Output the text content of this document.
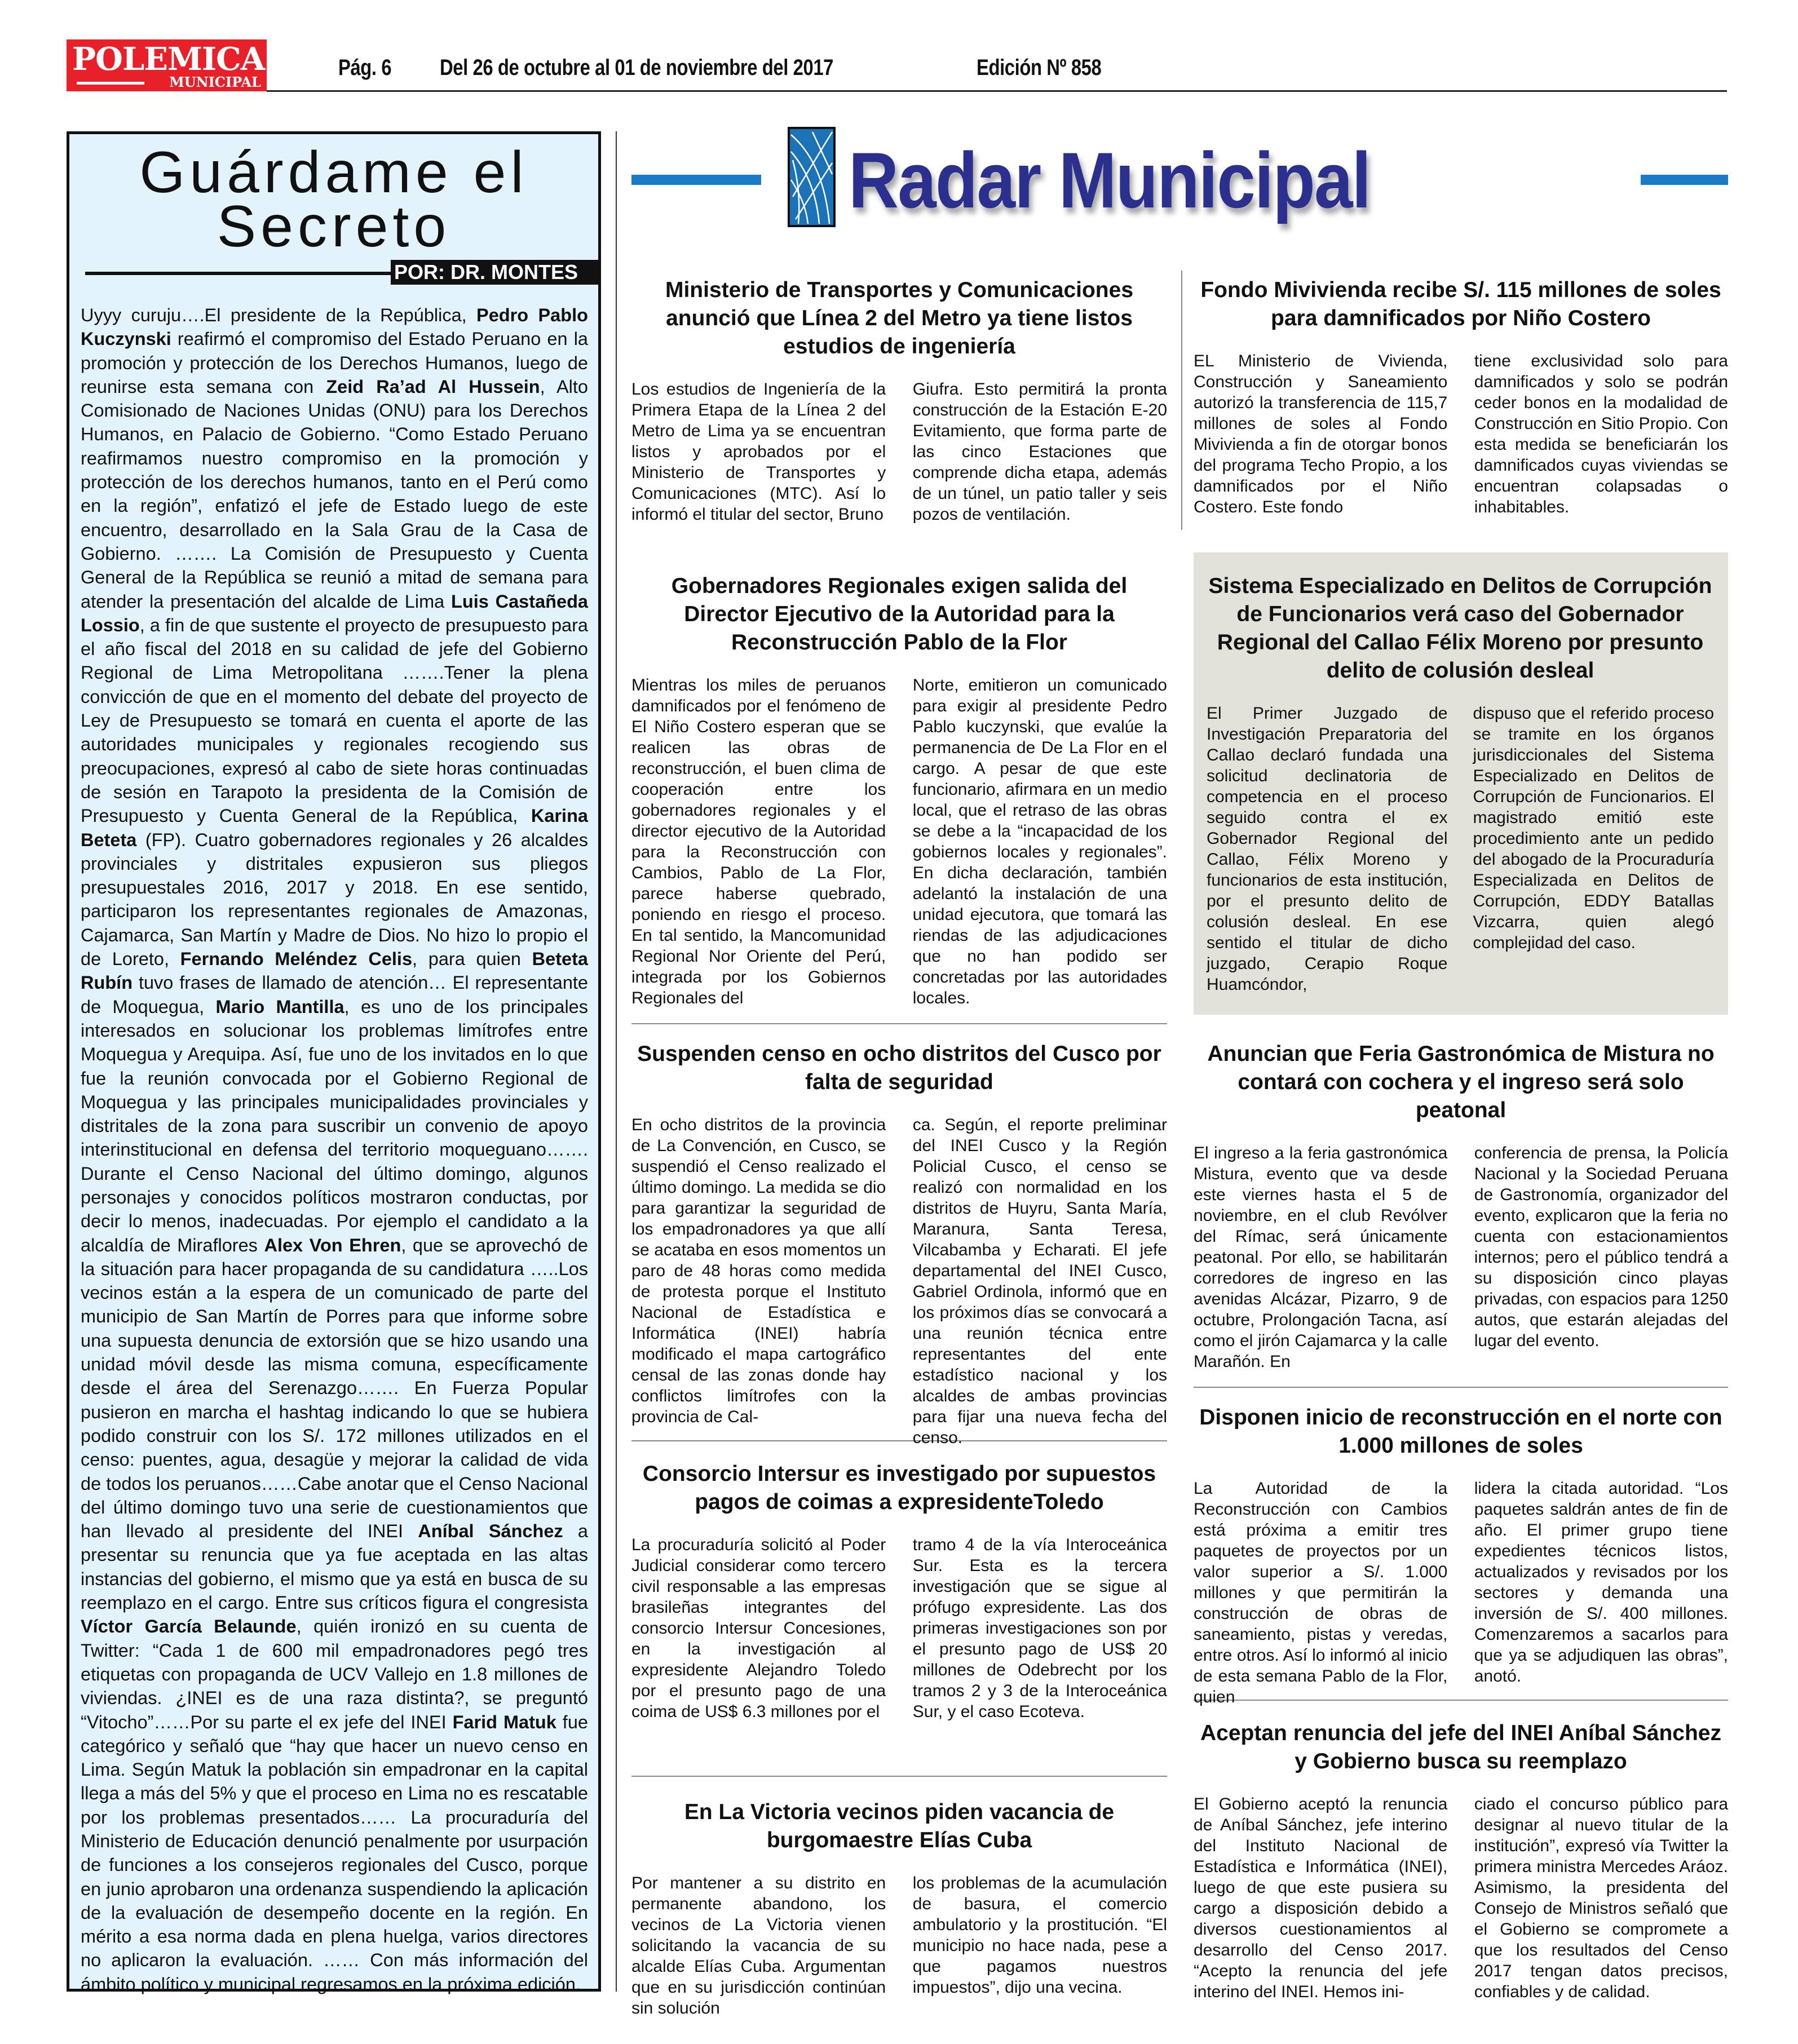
POLEMICA
MUNICIPAL
Pág. 6 Del 26 de octubre al 01 de noviembre del 2017	Edición Nº 858
Guárdame el Secreto
POR: DR. MONTES
Uyyy curuju….El presidente de la República, Pedro Pablo Kuczynski reafirmó el compromiso del Estado Peruano en la promoción y protección de los Derechos Humanos, luego de reunirse esta semana con Zeid Ra’ad Al Hussein, Alto Comisionado de Naciones Unidas (ONU) para los Derechos Humanos, en Palacio de Gobierno. “Como Estado Peruano reafirmamos nuestro compromiso en la promoción y protección de los derechos humanos, tanto en el Perú como en la región”, enfatizó el jefe de Estado luego de este encuentro, desarrollado en la Sala Grau de la Casa de Gobierno. ……. La Comisión de Presupuesto y Cuenta General de la República se reunió a mitad de semana para atender la presentación del alcalde de Lima Luis Castañeda Lossio, a fin de que sustente el proyecto de presupuesto para el año fiscal del 2018 en su calidad de jefe del Gobierno Regional de Lima Metropolitana …….Tener la plena convicción de que en el momento del debate del proyecto de Ley de Presupuesto se tomará en cuenta el aporte de las autoridades municipales y regionales recogiendo sus preocupaciones, expresó al cabo de siete horas continuadas de sesión en Tarapoto la presidenta de la Comisión de Presupuesto y Cuenta General de la República, Karina Beteta (FP). Cuatro gobernadores regionales y 26 alcaldes provinciales y distritales expusieron sus pliegos presupuestales 2016, 2017 y 2018. En ese sentido, participaron los representantes regionales de Amazonas, Cajamarca, San Martín y Madre de Dios. No hizo lo propio el de Loreto, Fernando Meléndez Celis, para quien Beteta Rubín tuvo frases de llamado de atención… El representante de Moquegua, Mario Mantilla, es uno de los principales interesados en solucionar los problemas limítrofes entre Moquegua y Arequipa. Así, fue uno de los invitados en lo que fue la reunión convocada por el Gobierno Regional de Moquegua y las principales municipalidades provinciales y distritales de la zona para suscribir un convenio de apoyo interinstitucional en defensa del territorio moqueguano……. Durante el Censo Nacional del último domingo, algunos personajes y conocidos políticos mostraron conductas, por decir lo menos, inadecuadas. Por ejemplo el candidato a la alcaldía de Miraflores Alex Von Ehren, que se aprovechó de la situación para hacer propaganda de su candidatura …..Los vecinos están a la espera de un comunicado de parte del municipio de San Martín de Porres para que informe sobre una supuesta denuncia de extorsión que se hizo usando una unidad móvil desde las misma comuna, específicamente desde el área del Serenazgo……. En Fuerza Popular pusieron en marcha el hashtag indicando lo que se hubiera podido construir con los S/. 172 millones utilizados en el censo: puentes, agua, desagüe y mejorar la calidad de vida de todos los peruanos……Cabe anotar que el Censo Nacional del último domingo tuvo una serie de cuestionamientos que han llevado al presidente del INEI Aníbal Sánchez a presentar su renuncia que ya fue aceptada en las altas instancias del gobierno, el mismo que ya está en busca de su reemplazo en el cargo. Entre sus críticos figura el congresista Víctor García Belaunde, quién ironizó en su cuenta de Twitter: “Cada 1 de 600 mil empadronadores pegó tres etiquetas con propaganda de UCV Vallejo en 1.8 millones de viviendas. ¿INEI es de una raza distinta?, se preguntó “Vitocho”……Por su parte el ex jefe del INEI Farid Matuk fue categórico y señaló que “hay que hacer un nuevo censo en Lima. Según Matuk la población sin empadronar en la capital llega a más del 5% y que el proceso en Lima no es rescatable por los problemas presentados…… La procuraduría del Ministerio de Educación denunció penalmente por usurpación de funciones a los consejeros regionales del Cusco, porque en junio aprobaron una ordenanza suspendiendo la aplicación de la evaluación de desempeño docente en la región. En mérito a esa norma dada en plena huelga, varios directores no aplicaron la evaluación. …… Con más información del ámbito político y municipal regresamos en la próxima edición.
Radar Municipal
Ministerio de Transportes y Comunicaciones anunció que Línea 2 del Metro ya tiene listos estudios de ingeniería

Los estudios de Ingeniería de la Primera Etapa de la Línea 2 del Metro de Lima ya se encuentran listos y aprobados por el Ministerio de Transportes y Comunicaciones (MTC). Así lo informó el titular del sector, Bruno

Giufra. Esto permitirá la pronta construcción de la Estación E-20 Evitamiento, que forma parte de las cinco Estaciones que comprende dicha etapa, además de un túnel, un patio taller y seis pozos de ventilación.

Fondo Mivivienda recibe S/. 115 millones de soles para damnificados por Niño Costero

EL Ministerio de Vivienda, Construcción y Saneamiento autorizó la transferencia de 115,7 millones de soles al Fondo Mivivienda a fin de otorgar bonos del programa Techo Propio, a los damnificados por el Niño Costero. Este fondo

tiene exclusividad solo para damnificados y solo se podrán ceder bonos en la modalidad de Construcción en Sitio Propio. Con esta medida se beneficiarán los damnificados cuyas viviendas se encuentran colapsadas o inhabitables.

Gobernadores Regionales exigen salida del Director Ejecutivo de la Autoridad para la Reconstrucción Pablo de la Flor

Mientras los miles de peruanos damnificados por el fenómeno de El Niño Costero esperan que se realicen las obras de reconstrucción, el buen clima de cooperación entre los gobernadores regionales y el director ejecutivo de la Autoridad para la Reconstrucción con Cambios, Pablo de La Flor, parece haberse quebrado, poniendo en riesgo el proceso. En tal sentido, la Mancomunidad Regional Nor Oriente del Perú, integrada por los Gobiernos Regionales del

Norte, emitieron un comunicado para exigir al presidente Pedro Pablo kuczynski, que evalúe la permanencia de De La Flor en el cargo. A pesar de que este funcionario, afirmara en un medio local, que el retraso de las obras se debe a la “incapacidad de los gobiernos locales y regionales”. En dicha declaración, también adelantó la instalación de una unidad ejecutora, que tomará las riendas de las adjudicaciones que no han podido ser concretadas por las autoridades locales.

Sistema Especializado en Delitos de Corrupción de Funcionarios verá caso del Gobernador Regional del Callao Félix Moreno por presunto delito de colusión desleal

El Primer Juzgado de Investigación Preparatoria del Callao declaró fundada una solicitud declinatoria de competencia en el proceso seguido contra el ex Gobernador Regional del Callao, Félix Moreno y funcionarios de esta institución, por el presunto delito de colusión desleal. En ese sentido el titular de dicho juzgado, Cerapio Roque Huamcóndor,

dispuso que el referido proceso se tramite en los órganos jurisdiccionales del Sistema Especializado en Delitos de Corrupción de Funcionarios. El magistrado emitió este procedimiento ante un pedido del abogado de la Procuraduría Especializada en Delitos de Corrupción, EDDY Batallas Vizcarra, quien alegó complejidad del caso.

Suspenden censo en ocho distritos del Cusco por falta de seguridad

En ocho distritos de la provincia de La Convención, en Cusco, se suspendió el Censo realizado el último domingo. La medida se dio para garantizar la seguridad de los empadronadores ya que allí se acataba en esos momentos un paro de 48 horas como medida de protesta porque el Instituto Nacional de Estadística e Informática (INEI) habría modificado el mapa cartográfico censal de las zonas donde hay conflictos limítrofes con la provincia de Cal-

ca. Según, el reporte preliminar del INEI Cusco y la Región Policial Cusco, el censo se realizó con normalidad en los distritos de Huyru, Santa María, Maranura, Santa Teresa, Vilcabamba y Echarati. El jefe departamental del INEI Cusco, Gabriel Ordinola, informó que en los próximos días se convocará a una reunión técnica entre representantes del ente estadístico nacional y los alcaldes de ambas provincias para fijar una nueva fecha del censo.

Anuncian que Feria Gastronómica de Mistura no contará con cochera y el ingreso será solo peatonal

El ingreso a la feria gastronómica Mistura, evento que va desde este viernes hasta el 5 de noviembre, en el club Revólver del Rímac, será únicamente peatonal. Por ello, se habilitarán corredores de ingreso en las avenidas Alcázar, Pizarro, 9 de octubre, Prolongación Tacna, así como el jirón Cajamarca y la calle Marañón. En

conferencia de prensa, la Policía Nacional y la Sociedad Peruana de Gastronomía, organizador del evento, explicaron que la feria no cuenta con estacionamientos internos; pero el público tendrá a su disposición cinco playas privadas, con espacios para 1250 autos, que estarán alejadas del lugar del evento.

Consorcio Intersur es investigado por supuestos pagos de coimas a expresidenteToledo

La procuraduría solicitó al Poder Judicial considerar como tercero civil responsable a las empresas brasileñas integrantes del consorcio Intersur Concesiones, en la investigación al expresidente Alejandro Toledo por el presunto pago de una coima de US$ 6.3 millones por el

tramo 4 de la vía Interoceánica Sur. Esta es la tercera investigación que se sigue al prófugo expresidente. Las dos primeras investigaciones son por el presunto pago de US$ 20 millones de Odebrecht por los tramos 2 y 3 de la Interoceánica Sur, y el caso Ecoteva.

Disponen inicio de reconstrucción en el norte con 1.000 millones de soles

La Autoridad de la Reconstrucción con Cambios está próxima a emitir tres paquetes de proyectos por un valor superior a S/. 1.000 millones y que permitirán la construcción de obras de saneamiento, pistas y veredas, entre otros. Así lo informó al inicio de esta semana Pablo de la Flor, quien

lidera la citada autoridad. “Los paquetes saldrán antes de fin de año. El primer grupo tiene expedientes técnicos listos, actualizados y revisados por los sectores y demanda una inversión de S/. 400 millones. Comenzaremos a sacarlos para que ya se adjudiquen las obras”, anotó.

En La Victoria vecinos piden vacancia de burgomaestre Elías Cuba

Por mantener a su distrito en permanente abandono, los vecinos de La Victoria vienen solicitando la vacancia de su alcalde Elías Cuba. Argumentan que en su jurisdicción continúan sin solución

los problemas de la acumulación de basura, el comercio ambulatorio y la prostitución. “El municipio no hace nada, pese a que pagamos nuestros impuestos”, dijo una vecina.

Aceptan renuncia del jefe del INEI Aníbal Sánchez y Gobierno busca su reemplazo

El Gobierno aceptó la renuncia de Aníbal Sánchez, jefe interino del Instituto Nacional de Estadística e Informática (INEI), luego de que este pusiera su cargo a disposición debido a diversos cuestionamientos al desarrollo del Censo 2017. “Acepto la renuncia del jefe interino del INEI. Hemos ini-

ciado el concurso público para designar al nuevo titular de la institución”, expresó vía Twitter la primera ministra Mercedes Aráoz. Asimismo, la presidenta del Consejo de Ministros señaló que el Gobierno se compromete a que los resultados del Censo 2017 tengan datos precisos, confiables y de calidad.
